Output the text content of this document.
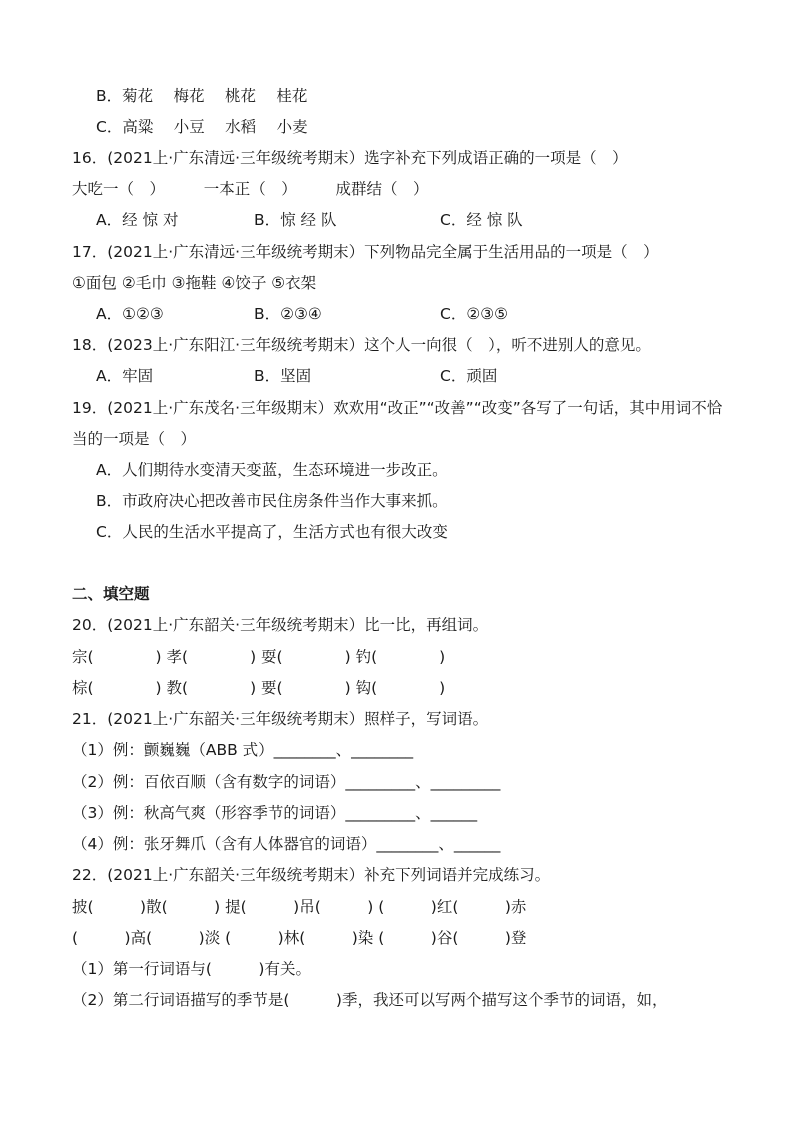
B．菊花　 梅花　 桃花　 桂花
C．高粱　 小豆　 水稻　 小麦
16．(2021上·广东清远·三年级统考期末）选字补充下列成语正确的一项是（　）
大吃一（　）　　　一本正（　）　　　成群结（　）
A．经 惊 对	B．惊 经 队	C．经 惊 队
17．(2021上·广东清远·三年级统考期末）下列物品完全属于生活用品的一项是（　）
①面包 ②毛巾 ③拖鞋 ④饺子 ⑤衣架
A．①②③	B．②③④	C．②③⑤
18．(2023上·广东阳江·三年级统考期末）这个人一向很（　），听不进别人的意见。
A．牢固	B．坚固	C．顽固
19．(2021上·广东茂名·三年级期末）欢欢用“改正”“改善”“改变”各写了一句话，其中用词不恰
当的一项是（　）
A．人们期待水变清天变蓝，生态环境进一步改正。
B．市政府决心把改善市民住房条件当作大事来抓。
C．人民的生活水平提高了，生活方式也有很大改变
二、填空题
20．(2021上·广东韶关·三年级统考期末）比一比，再组词。
宗(　　　　) 孝(　　　　) 耍(　　　　) 钓(　　　　)
棕(　　　　) 教(　　　　) 要(　　　　) 钩(　　　　)
21．(2021上·广东韶关·三年级统考期末）照样子，写词语。
（1）例：颤巍巍（ABB 式）________、________
（2）例：百依百顺（含有数字的词语）_________、_________
（3）例：秋高气爽（形容季节的词语）_________、______
（4）例：张牙舞爪（含有人体器官的词语）________、______
22．(2021上·广东韶关·三年级统考期末）补充下列词语并完成练习。
披(　　　)散(　　　) 提(　　　)吊(　　　) (　　　)红(　　　)赤
(　　　)高(　　　)淡 (　　　)林(　　　)染 (　　　)谷(　　　)登
（1）第一行词语与(　　　)有关。
（2）第二行词语描写的季节是(　　　)季，我还可以写两个描写这个季节的词语，如，
